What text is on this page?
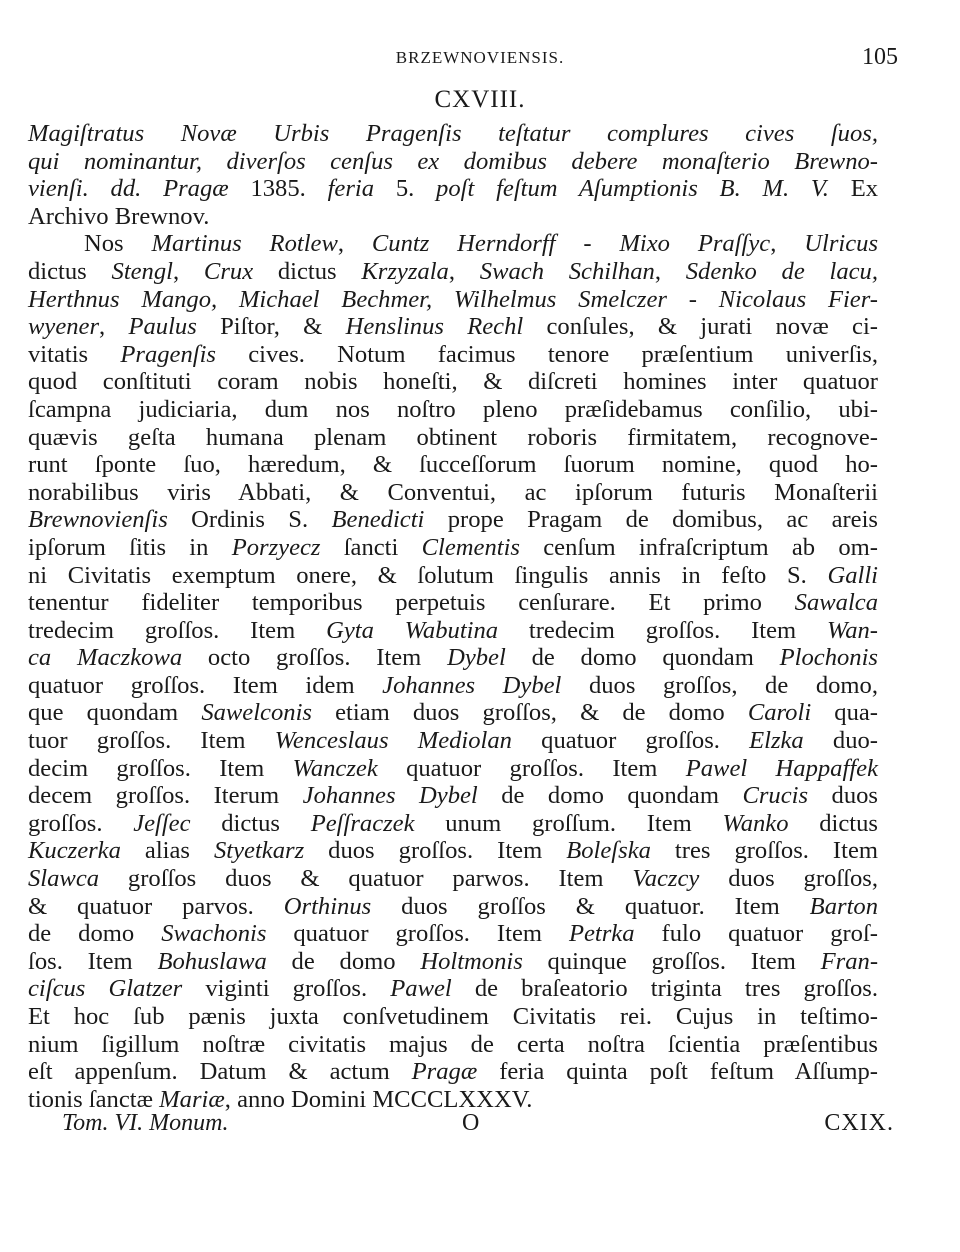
BRZEWNOVIENSIS.	105
CXVIII.
Magiſtratus Novæ Urbis Pragenſis teſtatur complures cives ſuos,
qui nominantur, diverſos cenſus ex domibus debere monaſterio Brewno-
vienſi. dd. Pragæ 1385. feria 5. poſt feſtum Aſumptionis B. M. V. Ex
Archivo Brewnov.
Nos Martinus Rotlew, Cuntz Herndorff - Mixo Praſſyc, Ulricus
dictus Stengl, Crux dictus Krzyzala, Swach Schilhan, Sdenko de lacu,
Herthnus Mango, Michael Bechmer, Wilhelmus Smelczer - Nicolaus Fier-
wyener, Paulus Piſtor, & Henslinus Rechl conſules, & jurati novæ ci-
vitatis Pragenſis cives. Notum facimus tenore præſentium univerſis,
quod conſtituti coram nobis honeſti, & diſcreti homines inter quatuor
ſcampna judiciaria, dum nos noſtro pleno præſidebamus conſilio, ubi-
quævis geſta humana plenam obtinent roboris firmitatem, recognove-
runt ſponte ſuo, hæredum, & ſucceſſorum ſuorum nomine, quod ho-
norabilibus viris Abbati, & Conventui, ac ipſorum futuris Monaſterii
Brewnovienſis Ordinis S. Benedicti prope Pragam de domibus, ac areis
ipſorum ſitis in Porzyecz ſancti Clementis cenſum infraſcriptum ab om-
ni Civitatis exemptum onere, & ſolutum ſingulis annis in feſto S. Galli
tenentur fideliter temporibus perpetuis cenſurare. Et primo Sawalca
tredecim groſſos. Item Gyta Wabutina tredecim groſſos. Item Wan-
ca Maczkowa octo groſſos. Item Dybel de domo quondam Plochonis
quatuor groſſos. Item idem Johannes Dybel duos groſſos, de domo,
que quondam Sawelconis etiam duos groſſos, & de domo Caroli qua-
tuor groſſos. Item Wenceslaus Mediolan quatuor groſſos. Elzka duo-
decim groſſos. Item Wanczek quatuor groſſos. Item Pawel Happaffek
decem groſſos. Iterum Johannes Dybel de domo quondam Crucis duos
groſſos. Jeſſec dictus Peſſraczek unum groſſum. Item Wanko dictus
Kuczerka alias Styetkarz duos groſſos. Item Boleſska tres groſſos. Item
Slawca groſſos duos & quatuor parwos. Item Vaczcy duos groſſos,
& quatuor parvos. Orthinus duos groſſos & quatuor. Item Barton
de domo Swachonis quatuor groſſos. Item Petrka fulo quatuor groſ-
ſos. Item Bohuslawa de domo Holtmonis quinque groſſos. Item Fran-
ciſcus Glatzer viginti groſſos. Pawel de braſeatorio triginta tres groſſos.
Et hoc ſub pænis juxta conſvetudinem Civitatis rei. Cujus in teſtimo-
nium ſigillum noſtræ civitatis majus de certa noſtra ſcientia præſentibus
eſt appenſum. Datum & actum Pragæ feria quinta poſt feſtum Aſſump-
tionis ſanctæ Mariæ, anno Domini MCCCLXXXV.
Tom. VI. Monum.	O	CXIX.
